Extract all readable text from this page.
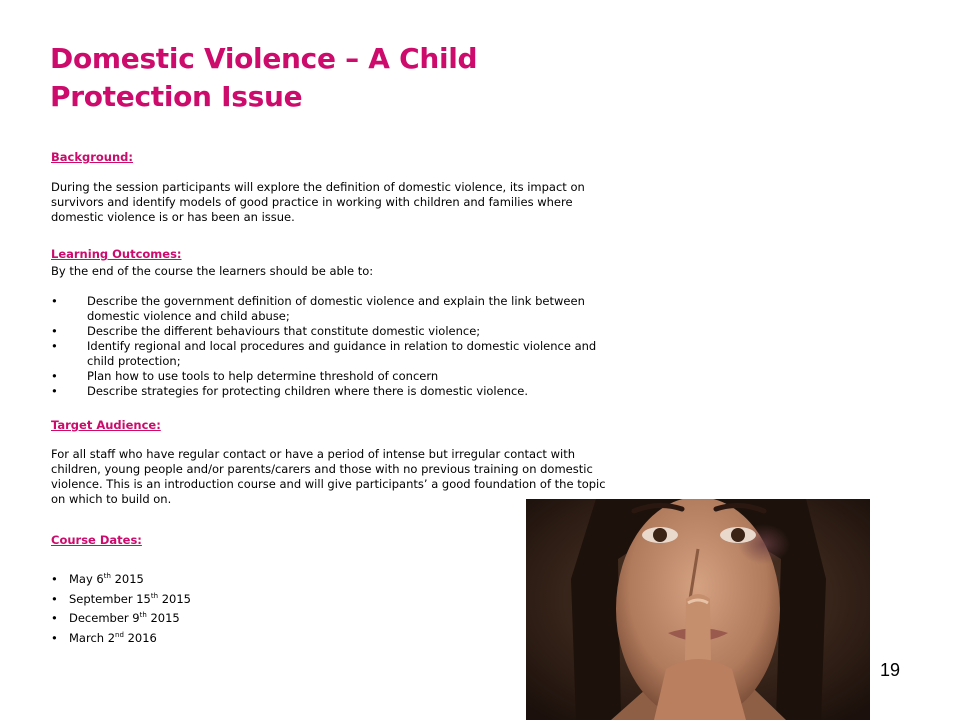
Domestic Violence – A Child Protection Issue

Background:

During the session participants will explore the definition of domestic violence, its impact on survivors and identify models of good practice in working with children and families where domestic violence is or has been an issue.

Learning Outcomes:

By the end of the course the learners should be able to:

• Describe the government definition of domestic violence and explain the link between domestic violence and child abuse;
• Describe the different behaviours that constitute domestic violence;
• Identify regional and local procedures and guidance in relation to domestic violence and child protection;
• Plan how to use tools to help determine threshold of concern
• Describe strategies for protecting children where there is domestic violence.

Target Audience:

For all staff who have regular contact or have a period of intense but irregular contact with children, young people and/or parents/carers and those with no previous training on domestic violence. This is an introduction course and will give participants’ a good foundation of the topic on which to build on.

Course Dates:

• May 6th 2015
• September 15th 2015
• December 9th 2015
• March 2nd 2016
19
